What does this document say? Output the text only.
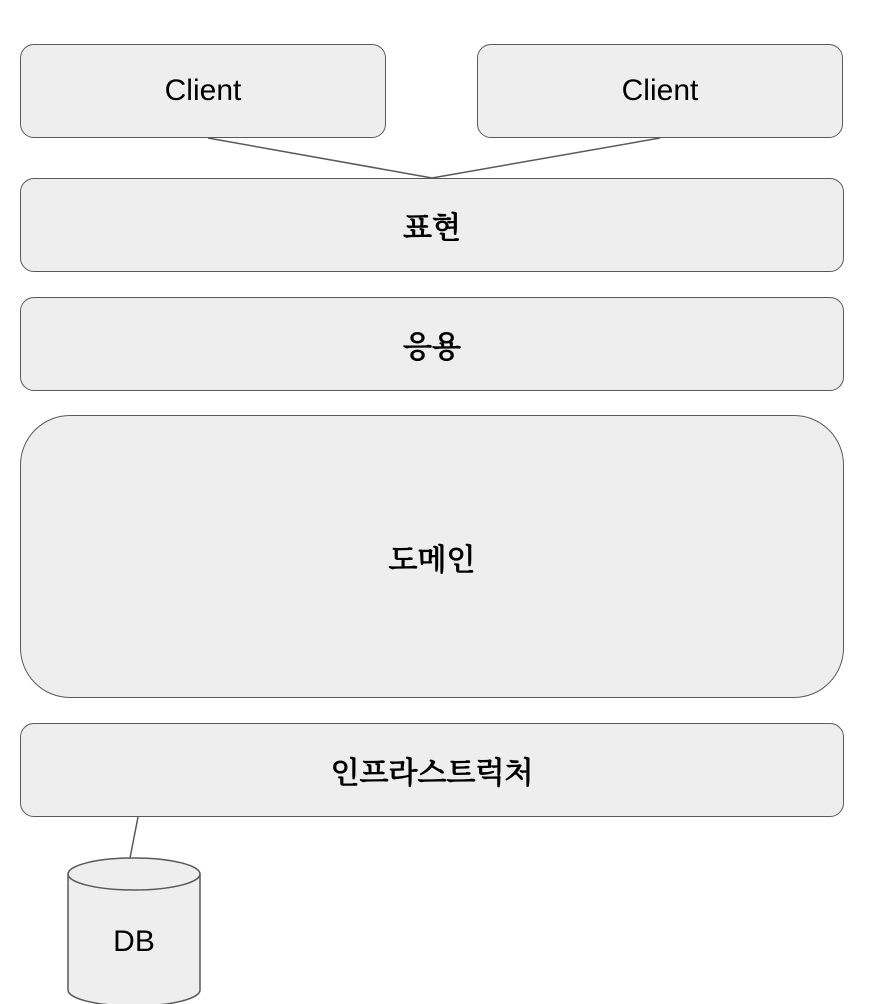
Client	Client
표현
응용
도메인
인프라스트럭처
DB
